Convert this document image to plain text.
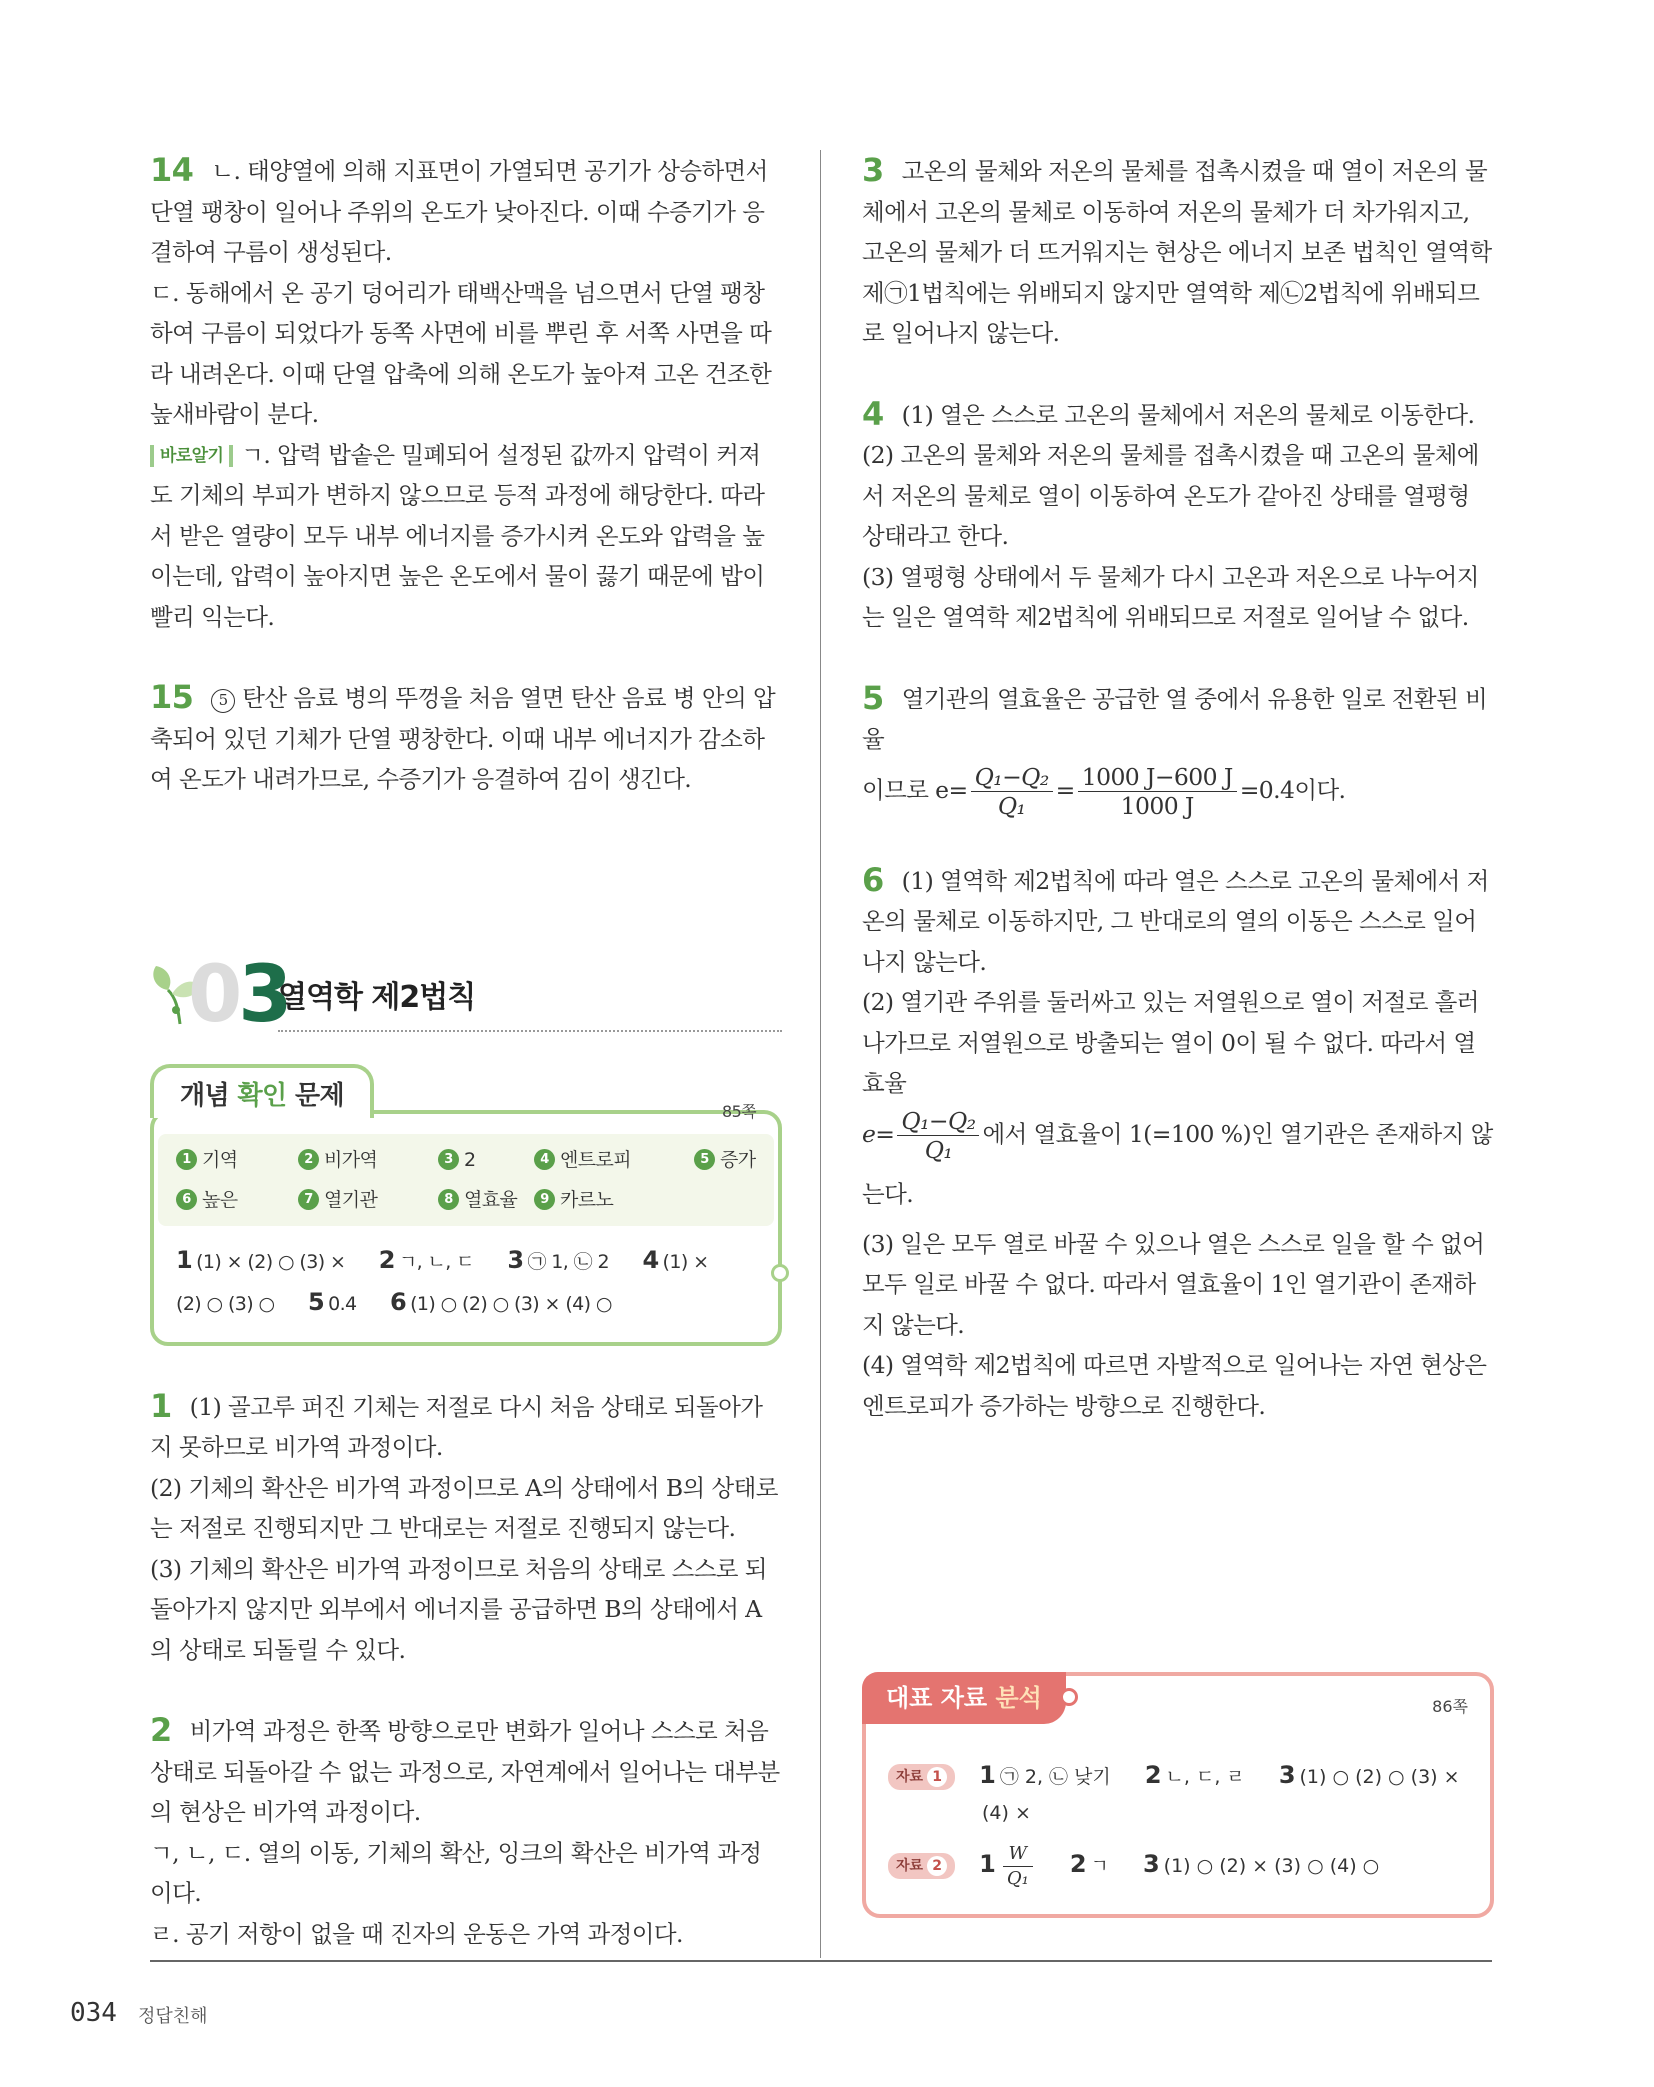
14 ㄴ. 태양열에 의해 지표면이 가열되면 공기가 상승하면서 단열 팽창이 일어나 주위의 온도가 낮아진다. 이때 수증기가 응결하여 구름이 생성된다.
ㄷ. 동해에서 온 공기 덩어리가 태백산맥을 넘으면서 단열 팽창하여 구름이 되었다가 동쪽 사면에 비를 뿌린 후 서쪽 사면을 따라 내려온다. 이때 단열 압축에 의해 온도가 높아져 고온 건조한 높새바람이 분다.
바로알기 ㄱ. 압력 밥솥은 밀폐되어 설정된 값까지 압력이 커져도 기체의 부피가 변하지 않으므로 등적 과정에 해당한다. 따라서 받은 열량이 모두 내부 에너지를 증가시켜 온도와 압력을 높이는데, 압력이 높아지면 높은 온도에서 물이 끓기 때문에 밥이 빨리 익는다.
15 5 탄산 음료 병의 뚜껑을 처음 열면 탄산 음료 병 안의 압축되어 있던 기체가 단열 팽창한다. 이때 내부 에너지가 감소하여 온도가 내려가므로, 수증기가 응결하여 김이 생긴다.
03
열역학 제2법칙
개념 확인 문제
85쪽
1 기역	2 비가역	3 2	4 엔트로피	5 증가
6 높은	7 열기관	8 열효율	9 카르노
1 (1) × (2) ○ (3) × 2 ㄱ, ㄴ, ㄷ 3 ㉠ 1, ㉡ 2 4 (1) ×
(2) ○ (3) ○ 5 0.4 6 (1) ○ (2) ○ (3) × (4) ○
1 (1) 골고루 퍼진 기체는 저절로 다시 처음 상태로 되돌아가지 못하므로 비가역 과정이다.
(2) 기체의 확산은 비가역 과정이므로 A의 상태에서 B의 상태로는 저절로 진행되지만 그 반대로는 저절로 진행되지 않는다.
(3) 기체의 확산은 비가역 과정이므로 처음의 상태로 스스로 되돌아가지 않지만 외부에서 에너지를 공급하면 B의 상태에서 A의 상태로 되돌릴 수 있다.
2 비가역 과정은 한쪽 방향으로만 변화가 일어나 스스로 처음 상태로 되돌아갈 수 없는 과정으로, 자연계에서 일어나는 대부분의 현상은 비가역 과정이다.
ㄱ, ㄴ, ㄷ. 열의 이동, 기체의 확산, 잉크의 확산은 비가역 과정이다.
ㄹ. 공기 저항이 없을 때 진자의 운동은 가역 과정이다.
3 고온의 물체와 저온의 물체를 접촉시켰을 때 열이 저온의 물체에서 고온의 물체로 이동하여 저온의 물체가 더 차가워지고, 고온의 물체가 더 뜨거워지는 현상은 에너지 보존 법칙인 열역학 제㉠1법칙에는 위배되지 않지만 열역학 제㉡2법칙에 위배되므로 일어나지 않는다.
4 (1) 열은 스스로 고온의 물체에서 저온의 물체로 이동한다.
(2) 고온의 물체와 저온의 물체를 접촉시켰을 때 고온의 물체에서 저온의 물체로 열이 이동하여 온도가 같아진 상태를 열평형 상태라고 한다.
(3) 열평형 상태에서 두 물체가 다시 고온과 저온으로 나누어지는 일은 열역학 제2법칙에 위배되므로 저절로 일어날 수 없다.
5 열기관의 열효율은 공급한 열 중에서 유용한 일로 전환된 비율
이므로 $e= \frac{\text{Q₁−Q₂}}{\text{Q₁}} = \frac{1000 J-600 J}{1000 J} =0.4$이다.
6 (1) 열역학 제2법칙에 따라 열은 스스로 고온의 물체에서 저온의 물체로 이동하지만, 그 반대로의 열의 이동은 스스로 일어나지 않는다.
(2) 열기관 주위를 둘러싸고 있는 저열원으로 열이 저절로 흘러나가므로 저열원으로 방출되는 열이 0이 될 수 없다. 따라서 열효율
$e= \frac{\text{Q₁−Q₂}}{\text{Q₁}}$ 에서 열효율이 1(=100 %)인 열기관은 존재하지 않는다.
(3) 일은 모두 열로 바꿀 수 있으나 열은 스스로 일을 할 수 없어 모두 일로 바꿀 수 없다. 따라서 열효율이 1인 열기관이 존재하지 않는다.
(4) 열역학 제2법칙에 따르면 자발적으로 일어나는 자연 현상은 엔트로피가 증가하는 방향으로 진행한다.
대표 자료 분석	86쪽
자료 1 1 ㉠ 2, ㉡ 낮기 2 ㄴ, ㄷ, ㄹ 3 (1) ○ (2) ○ (3) ×
(4) ×
자료 2 $1 \frac{W}{\text{Q₁}} 2$ ㄱ 3 (1) ○ (2) × (3) ○ (4) ○
034 정답친해
